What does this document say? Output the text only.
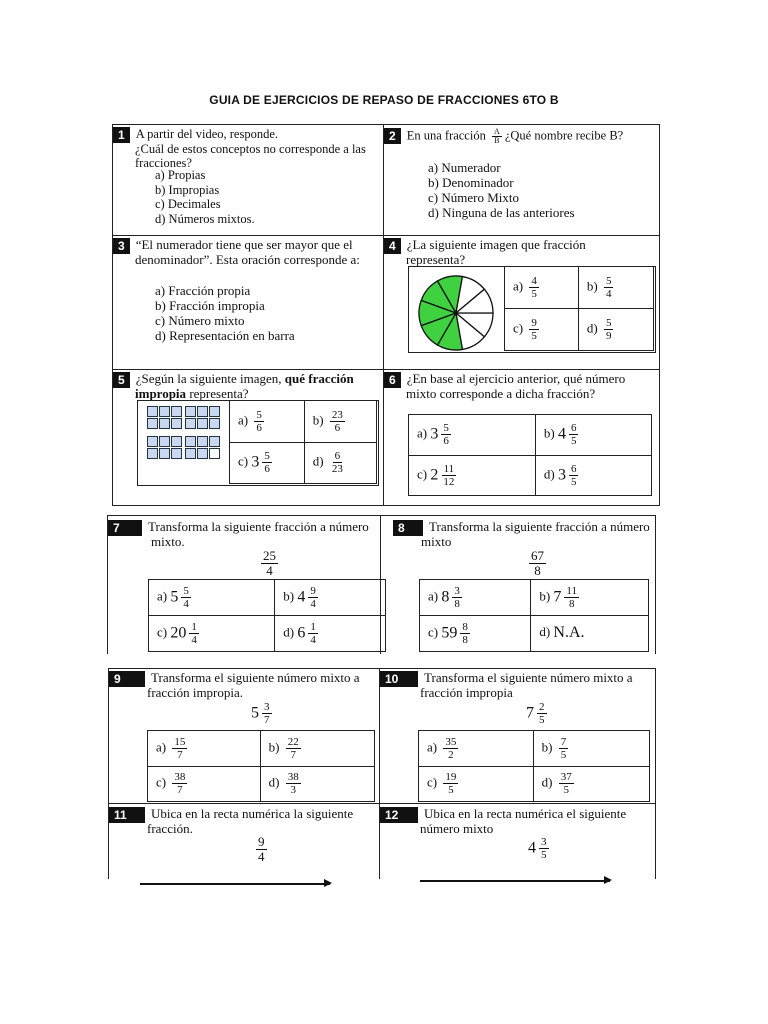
GUIA DE EJERCICIOS DE REPASO DE FRACCIONES 6TO B
1 A partir del video, responde.
¿Cuál de estos conceptos no corresponde a las
fracciones?
a) Propias
b) Impropias
c) Decimales
d) Números mixtos.
2 En una fracción $\frac{A}{B}$ ¿Qué nombre recibe B?
a) Numerador
b) Denominador
c) Número Mixto
d) Ninguna de las anteriores
3 “El numerador tiene que ser mayor que el
denominador”. Esta oración corresponde a:
a) Fracción propia
b) Fracción impropia
c) Número mixto
d) Representación en barra
4 ¿La siguiente imagen que fracción
representa?
$a) \frac{4}{5}$	$b) \frac{5}{4}$

$c) \frac{9}{5}$	$d) \frac{5}{9}$
5 ¿Según la siguiente imagen, qué fracción
impropia representa?
$a) \frac{5}{6}$	$b) \frac{23}{6}$

c) $3 \frac{5}{6}$	$d) \frac{6}{23}$
6 ¿En base al ejercicio anterior, qué número
mixto corresponde a dicha fracción?
a) $3 \frac{5}{6}$	b) $4 \frac{6}{5}$

c) $2 \frac{11}{12}$	d) $3 \frac{6}{5}$
7 Transforma la siguiente fracción a número
mixto.
$\frac{25}{4}$
a) $5 \frac{5}{4}$	b) $4 \frac{9}{4}$

c) $20 \frac{1}{4}$	d) $6 \frac{1}{4}$
8 Transforma la siguiente fracción a número
mixto
$\frac{67}{8}$
a) $8 \frac{3}{8}$	b) $7 \frac{11}{8}$

c) $59 \frac{8}{8}$	d) N.A.
9 Transforma el siguiente número mixto a
fracción impropia.
$5 \frac{3}{7}$
$a) \frac{15}{7}$	$b) \frac{22}{7}$

$c) \frac{38}{7}$	$d) \frac{38}{3}$
10 Transforma el siguiente número mixto a
fracción impropia
$7 \frac{2}{5}$
$a) \frac{35}{2}$	$b) \frac{7}{5}$

$c) \frac{19}{5}$	$d) \frac{37}{5}$
11 Ubica en la recta numérica la siguiente
fracción.
$\frac{9}{4}$
12 Ubica en la recta numérica el siguiente
número mixto
$4 \frac{3}{5}$
